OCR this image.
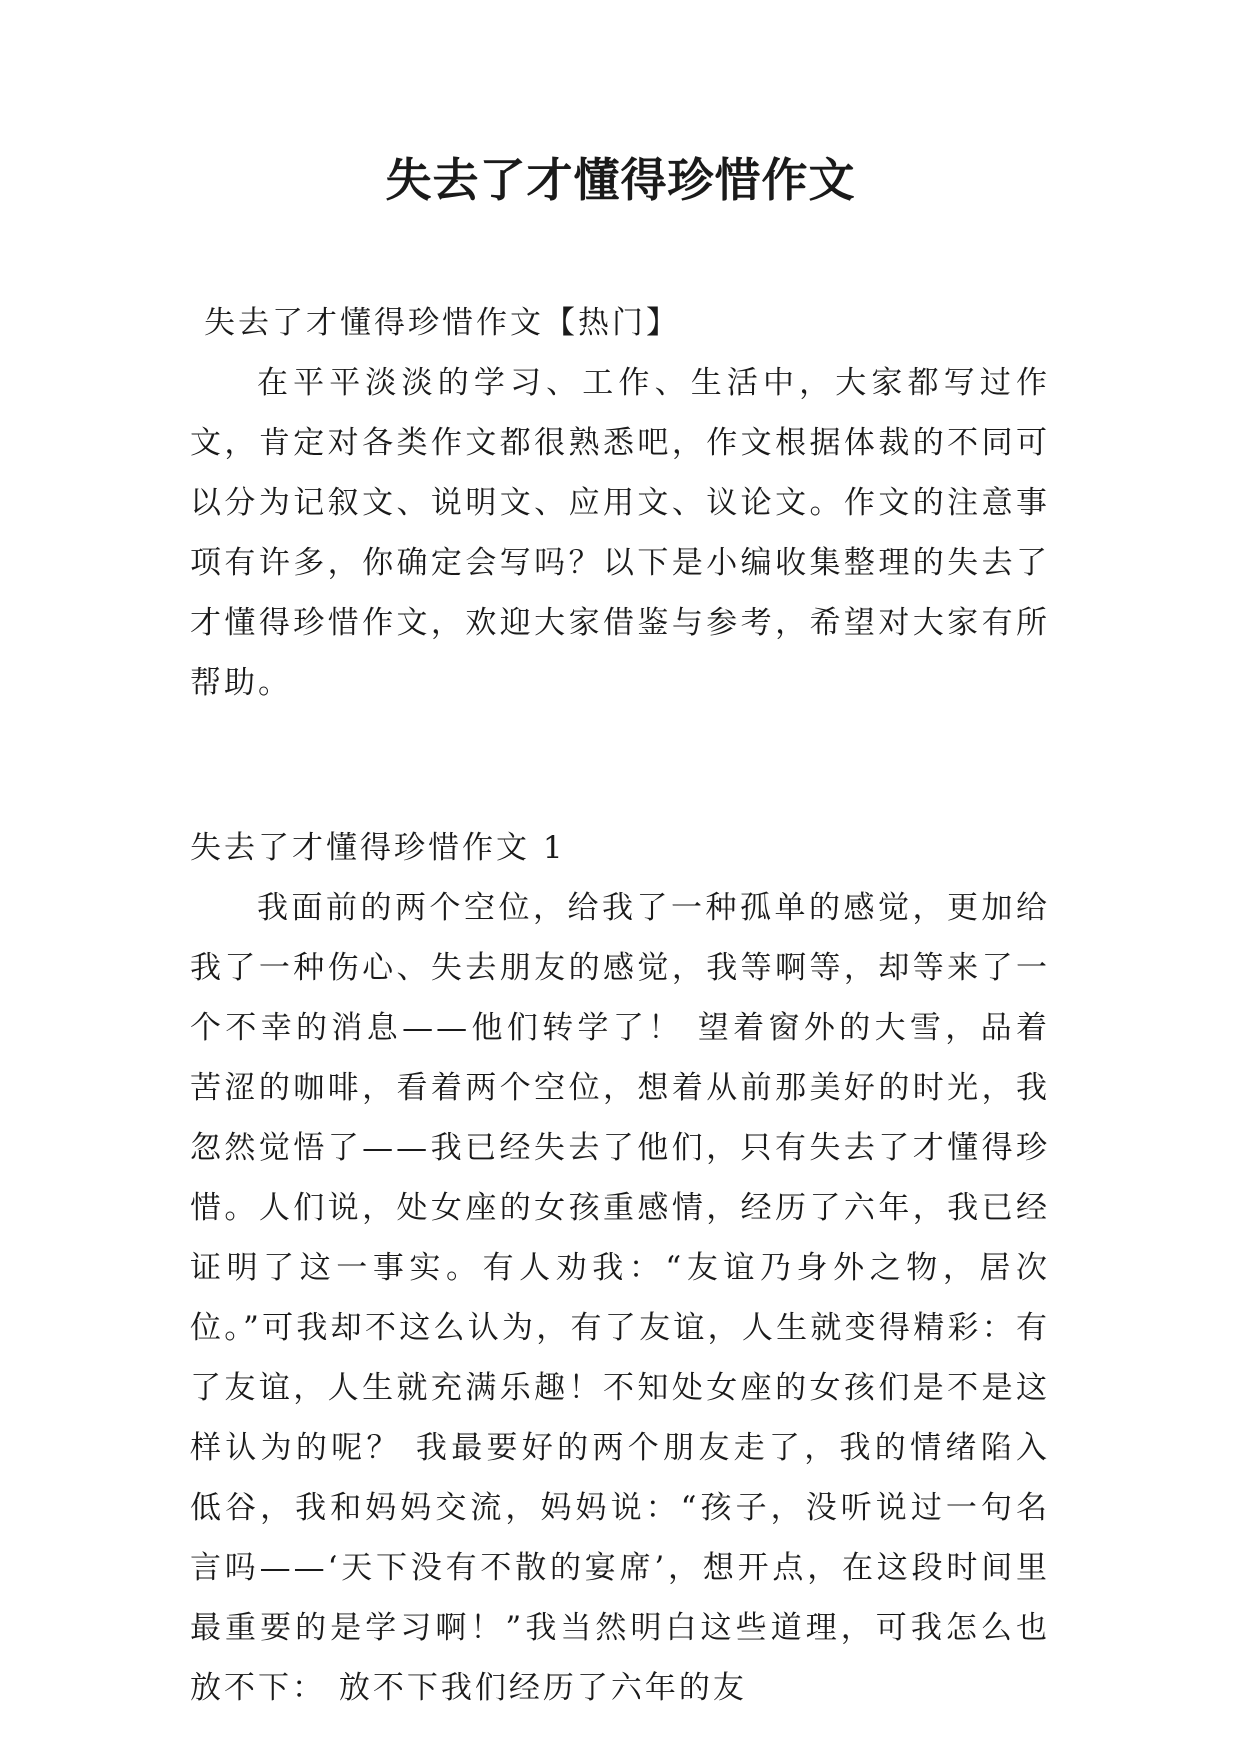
失去了才懂得珍惜作文

失去了才懂得珍惜作文【热门】

在平平淡淡的学习、工作、生活中，大家都写过作文，肯定对各类作文都很熟悉吧，作文根据体裁的不同可以分为记叙文、说明文、应用文、议论文。作文的注意事项有许多，你确定会写吗？以下是小编收集整理的失去了才懂得珍惜作文，欢迎大家借鉴与参考，希望对大家有所帮助。

失去了才懂得珍惜作文 1

我面前的两个空位，给我了一种孤单的感觉，更加给我了一种伤心、失去朋友的感觉，我等啊等，却等来了一个不幸的消息——他们转学了！ 望着窗外的大雪，品着苦涩的咖啡，看着两个空位，想着从前那美好的时光，我忽然觉悟了——我已经失去了他们，只有失去了才懂得珍惜。人们说，处女座的女孩重感情，经历了六年，我已经证明了这一事实。有人劝我：“友谊乃身外之物，居次位。”可我却不这么认为，有了友谊，人生就变得精彩：有了友谊，人生就充满乐趣！不知处女座的女孩们是不是这样认为的呢？ 我最要好的两个朋友走了，我的情绪陷入低谷，我和妈妈交流，妈妈说：“孩子，没听说过一句名言吗——‘天下没有不散的宴席’，想开点，在这段时间里最重要的是学习啊！”我当然明白这些道理，可我怎么也放不下： 放不下我们经历了六年的友
